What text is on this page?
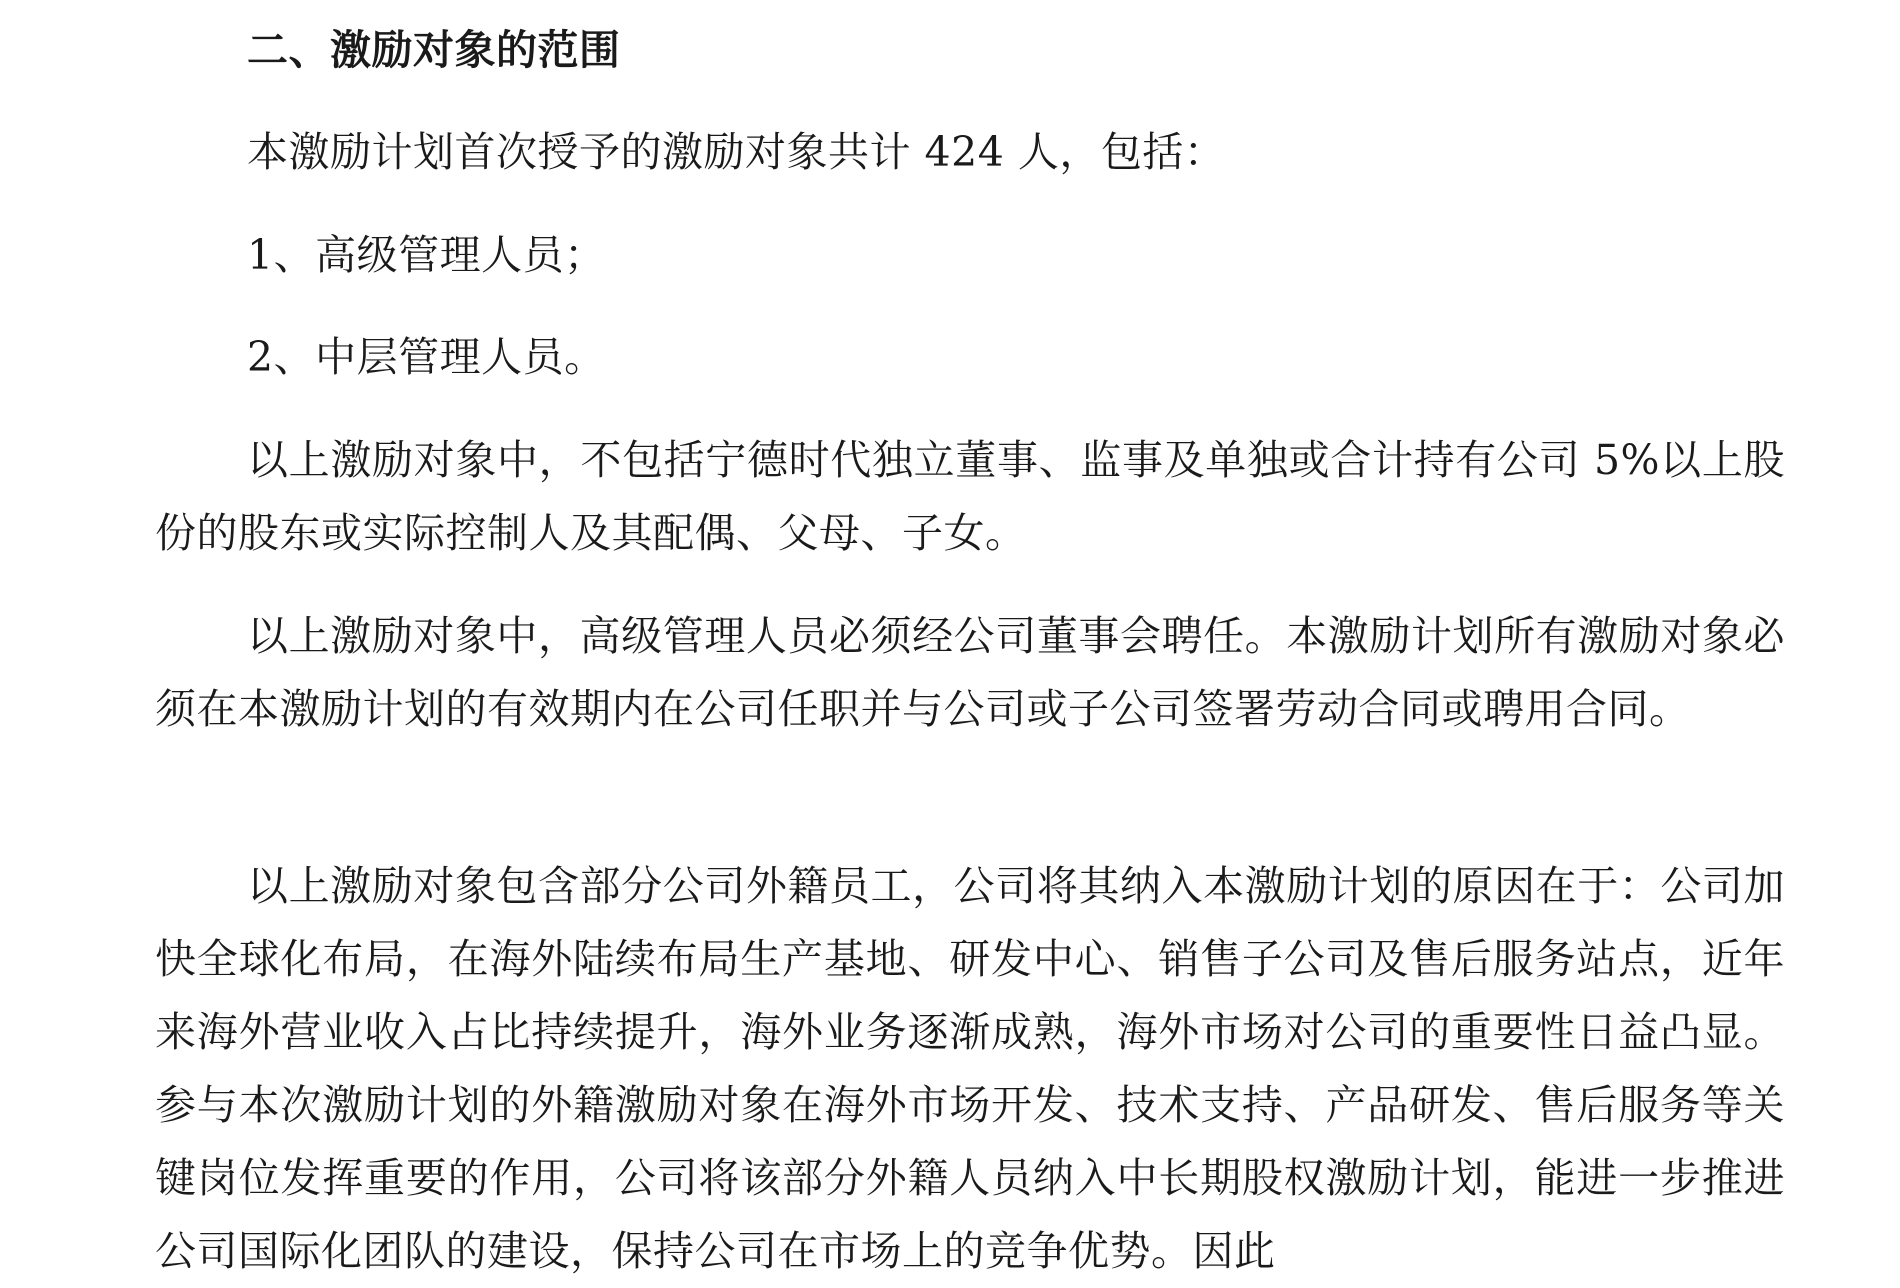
二、激励对象的范围

本激励计划首次授予的激励对象共计 424 人，包括：

1、高级管理人员；

2、中层管理人员。

以上激励对象中，不包括宁德时代独立董事、监事及单独或合计持有公司 5%以上股份的股东或实际控制人及其配偶、父母、子女。

以上激励对象中，高级管理人员必须经公司董事会聘任。本激励计划所有激励对象必须在本激励计划的有效期内在公司任职并与公司或子公司签署劳动合同或聘用合同。

以上激励对象包含部分公司外籍员工，公司将其纳入本激励计划的原因在于：公司加快全球化布局，在海外陆续布局生产基地、研发中心、销售子公司及售后服务站点，近年来海外营业收入占比持续提升，海外业务逐渐成熟，海外市场对公司的重要性日益凸显。参与本次激励计划的外籍激励对象在海外市场开发、技术支持、产品研发、售后服务等关键岗位发挥重要的作用，公司将该部分外籍人员纳入中长期股权激励计划，能进一步推进公司国际化团队的建设，保持公司在市场上的竞争优势。因此
